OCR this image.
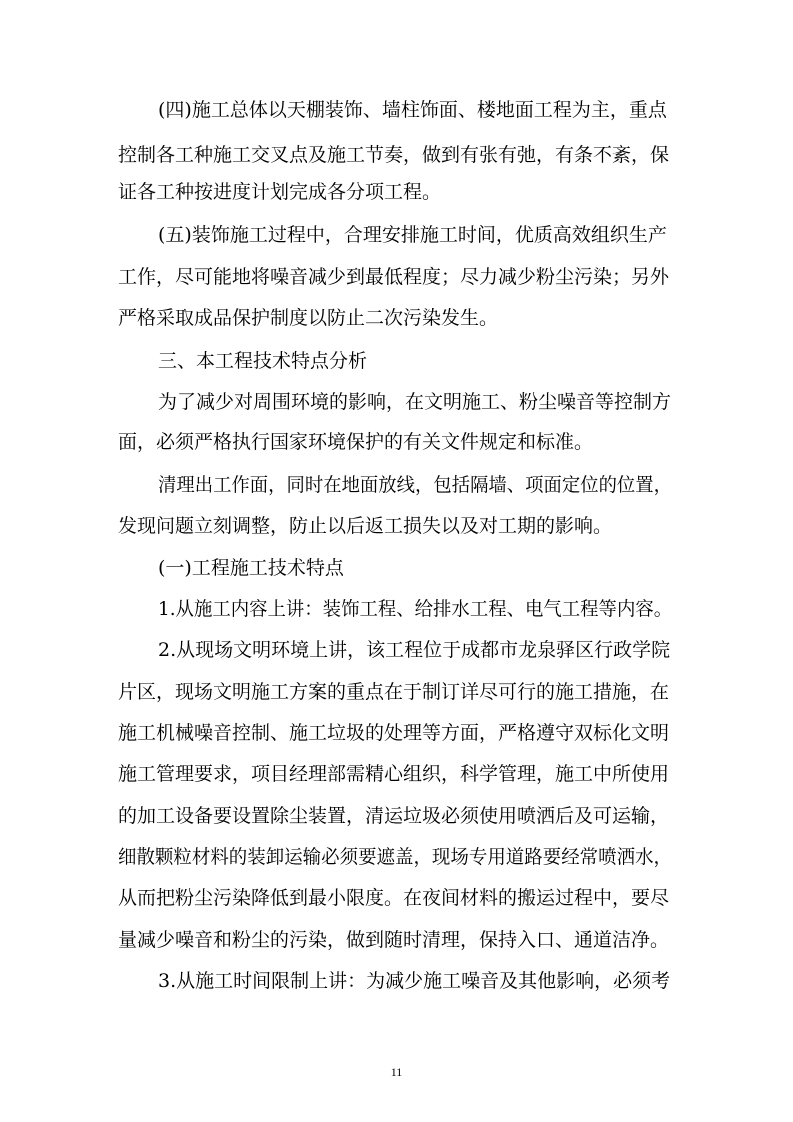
(四)施工总体以天棚装饰、墙柱饰面、楼地面工程为主，重点
控制各工种施工交叉点及施工节奏，做到有张有弛，有条不紊，保
证各工种按进度计划完成各分项工程。
(五)装饰施工过程中，合理安排施工时间，优质高效组织生产
工作，尽可能地将噪音减少到最低程度；尽力减少粉尘污染；另外
严格采取成品保护制度以防止二次污染发生。
三、本工程技术特点分析
为了减少对周围环境的影响，在文明施工、粉尘噪音等控制方
面，必须严格执行国家环境保护的有关文件规定和标准。
清理出工作面，同时在地面放线，包括隔墙、项面定位的位置，
发现问题立刻调整，防止以后返工损失以及对工期的影响。
(一)工程施工技术特点
1.从施工内容上讲：装饰工程、给排水工程、电气工程等内容。
2.从现场文明环境上讲，该工程位于成都市龙泉驿区行政学院
片区，现场文明施工方案的重点在于制订详尽可行的施工措施，在
施工机械噪音控制、施工垃圾的处理等方面，严格遵守双标化文明
施工管理要求，项目经理部需精心组织，科学管理，施工中所使用
的加工设备要设置除尘装置，清运垃圾必须使用喷洒后及可运输，
细散颗粒材料的装卸运输必须要遮盖，现场专用道路要经常喷洒水，
从而把粉尘污染降低到最小限度。在夜间材料的搬运过程中，要尽
量减少噪音和粉尘的污染，做到随时清理，保持入口、通道洁净。
3.从施工时间限制上讲：为减少施工噪音及其他影响，必须考
11
